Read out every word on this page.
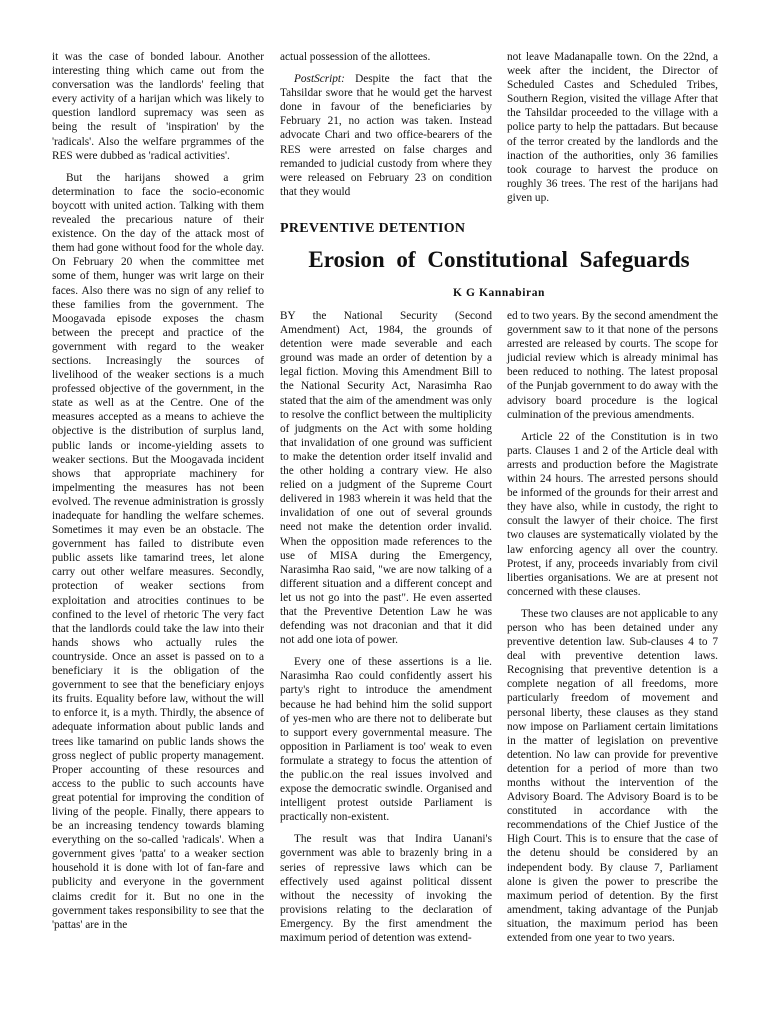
it was the case of bonded labour. Another interesting thing which came out from the conversation was the landlords' feeling that every activity of a harijan which was likely to question landlord supremacy was seen as being the result of 'inspiration' by the 'radicals'. Also the welfare prgrammes of the RES were dubbed as 'radical activities'.

But the harijans showed a grim determination to face the socio-economic boycott with united action. Talking with them revealed the precarious nature of their existence. On the day of the attack most of them had gone without food for the whole day. On February 20 when the committee met some of them, hunger was writ large on their faces. Also there was no sign of any relief to these families from the government. The Moogavada episode exposes the chasm between the precept and practice of the government with regard to the weaker sections. Increasingly the sources of livelihood of the weaker sections is a much professed objective of the government, in the state as well as at the Centre. One of the measures accepted as a means to achieve the objective is the distribution of surplus land, public lands or income-yielding assets to weaker sections. But the Moogavada incident shows that appropriate machinery for impelmenting the measures has not been evolved. The revenue administration is grossly inadequate for handling the welfare schemes. Sometimes it may even be an obstacle. The government has failed to distribute even public assets like tamarind trees, let alone carry out other welfare measures. Secondly, protection of weaker sections from exploitation and atrocities continues to be confined to the level of rhetoric The very fact that the landlords could take the law into their hands shows who actually rules the countryside. Once an asset is passed on to a beneficiary it is the obligation of the government to see that the beneficiary enjoys its fruits. Equality before law, without the will to enforce it, is a myth. Thirdly, the absence of adequate information about public lands and trees like tamarind on public lands shows the gross neglect of public property management. Proper accounting of these resources and access to the public to such accounts have great potential for improving the condition of living of the people. Finally, there appears to be an increasing tendency towards blaming everything on the so-called 'radicals'. When a government gives 'patta' to a weaker section household it is done with lot of fan-fare and publicity and everyone in the government claims credit for it. But no one in the government takes responsibility to see that the 'pattas' are in the

actual possession of the allottees.

PostScript: Despite the fact that the Tahsildar swore that he would get the harvest done in favour of the beneficiaries by February 21, no action was taken. Instead advocate Chari and two office-bearers of the RES were arrested on false charges and remanded to judicial custody from where they were released on February 23 on condition that they would

not leave Madanapalle town. On the 22nd, a week after the incident, the Director of Scheduled Castes and Scheduled Tribes, Southern Region, visited the village After that the Tahsildar proceeded to the village with a police party to help the pattadars. But because of the terror created by the landlords and the inaction of the authorities, only 36 families took courage to harvest the produce on roughly 36 trees. The rest of the harijans had given up.

PREVENTIVE DETENTION
Erosion of Constitutional Safeguards
K G Kannabiran

BY the National Security (Second Amendment) Act, 1984, the grounds of detention were made severable and each ground was made an order of detention by a legal fiction. Moving this Amendment Bill to the National Security Act, Narasimha Rao stated that the aim of the amendment was only to resolve the conflict between the multiplicity of judgments on the Act with some holding that invalidation of one ground was sufficient to make the detention order itself invalid and the other holding a contrary view. He also relied on a judgment of the Supreme Court delivered in 1983 wherein it was held that the invalidation of one out of several grounds need not make the detention order invalid. When the opposition made references to the use of MISA during the Emergency, Narasimha Rao said, "we are now talking of a different situation and a different concept and let us not go into the past". He even asserted that the Preventive Detention Law he was defending was not draconian and that it did not add one iota of power.

Every one of these assertions is a lie. Narasimha Rao could confidently assert his party's right to introduce the amendment because he had behind him the solid support of yes-men who are there not to deliberate but to support every governmental measure. The opposition in Parliament is too' weak to even formulate a strategy to focus the attention of the public.on the real issues involved and expose the democratic swindle. Organised and intelligent protest outside Parliament is practically non-existent.

The result was that Indira Uanani's government was able to brazenly bring in a series of repressive laws which can be effectively used against political dissent without the necessity of invoking the provisions relating to the declaration of Emergency. By the first amendment the maximum period of detention was extend-

ed to two years. By the second amendment the government saw to it that none of the persons arrested are released by courts. The scope for judicial review which is already minimal has been reduced to nothing. The latest proposal of the Punjab government to do away with the advisory board procedure is the logical culmination of the previous amendments.

Article 22 of the Constitution is in two parts. Clauses 1 and 2 of the Article deal with arrests and production before the Magistrate within 24 hours. The arrested persons should be informed of the grounds for their arrest and they have also, while in custody, the right to consult the lawyer of their choice. The first two clauses are systematically violated by the law enforcing agency all over the country. Protest, if any, proceeds invariably from civil liberties organisations. We are at present not concerned with these clauses.

These two clauses are not applicable to any person who has been detained under any preventive detention law. Sub-clauses 4 to 7 deal with preventive detention laws. Recognising that preventive detention is a complete negation of all freedoms, more particularly freedom of movement and personal liberty, these clauses as they stand now impose on Parliament certain limitations in the matter of legislation on preventive detention. No law can provide for preventive detention for a period of more than two months without the intervention of the Advisory Board. The Advisory Board is to be constituted in accordance with the recommendations of the Chief Justice of the High Court. This is to ensure that the case of the detenu should be considered by an independent body. By clause 7, Parliament alone is given the power to prescribe the maximum period of detention. By the first amendment, taking advantage of the Punjab situation, the maximum period has been extended from one year to two years.
